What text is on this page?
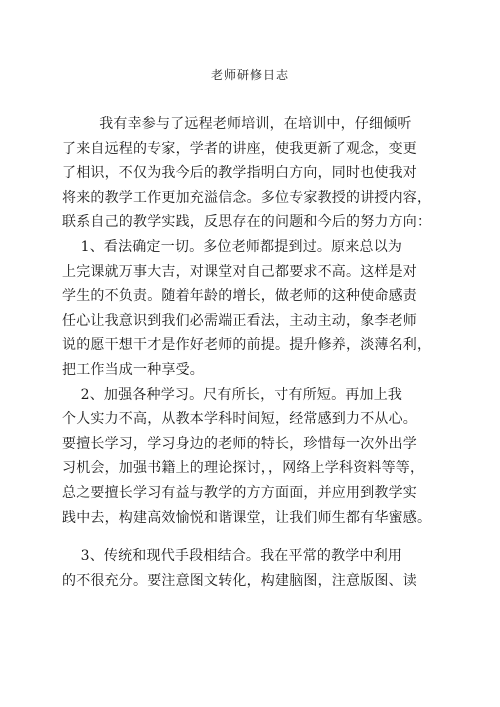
老师研修日志
我有幸参与了远程老师培训，在培训中，仔细倾听
了来自远程的专家，学者的讲座，使我更新了观念，变更
了相识，不仅为我今后的教学指明白方向，同时也使我对
将来的教学工作更加充溢信念。多位专家教授的讲授内容，
联系自己的教学实践，反思存在的问题和今后的努力方向：
1、看法确定一切。多位老师都提到过。原来总以为
上完课就万事大吉，对课堂对自己都要求不高。这样是对
学生的不负责。随着年龄的增长，做老师的这种使命感责
任心让我意识到我们必需端正看法，主动主动，象李老师
说的愿干想干才是作好老师的前提。提升修养，淡薄名利，
把工作当成一种享受。
2、加强各种学习。尺有所长，寸有所短。再加上我
个人实力不高，从教本学科时间短，经常感到力不从心。
要擅长学习，学习身边的老师的特长，珍惜每一次外出学
习机会，加强书籍上的理论探讨，，网络上学科资料等等，
总之要擅长学习有益与教学的方方面面，并应用到教学实
践中去，构建高效愉悦和谐课堂，让我们师生都有华蜜感。
3、传统和现代手段相结合。我在平常的教学中利用
的不很充分。要注意图文转化，构建脑图，注意版图、读
